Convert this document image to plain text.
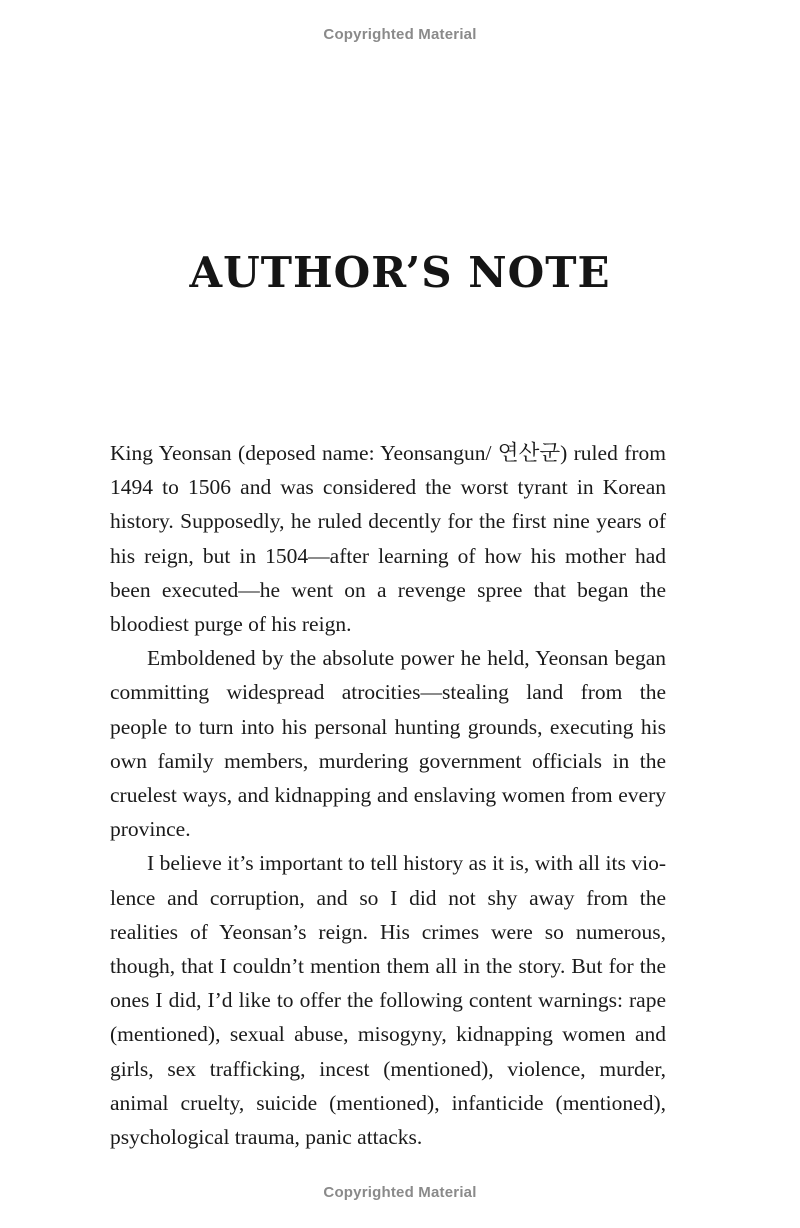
Copyrighted Material
AUTHOR’S NOTE

King Yeonsan (deposed name: Yeonsangun/ 연산군) ruled from 1494 to 1506 and was considered the worst tyrant in Korean history. Supposedly, he ruled decently for the first nine years of his reign, but in 1504—after learning of how his mother had been executed—he went on a revenge spree that began the bloodiest purge of his reign.

Emboldened by the absolute power he held, Yeonsan began committing widespread atrocities—stealing land from the people to turn into his personal hunting grounds, executing his own family members, murdering government officials in the cruelest ways, and kidnapping and enslaving women from every province.

I believe it’s important to tell history as it is, with all its violence and corruption, and so I did not shy away from the realities of Yeonsan’s reign. His crimes were so numerous, though, that I couldn’t mention them all in the story. But for the ones I did, I’d like to offer the following content warnings: rape (mentioned), sexual abuse, misogyny, kidnapping women and girls, sex trafficking, incest (mentioned), violence, murder, animal cruelty, suicide (mentioned), infanticide (mentioned), psychological trauma, panic attacks.

Copyrighted Material
